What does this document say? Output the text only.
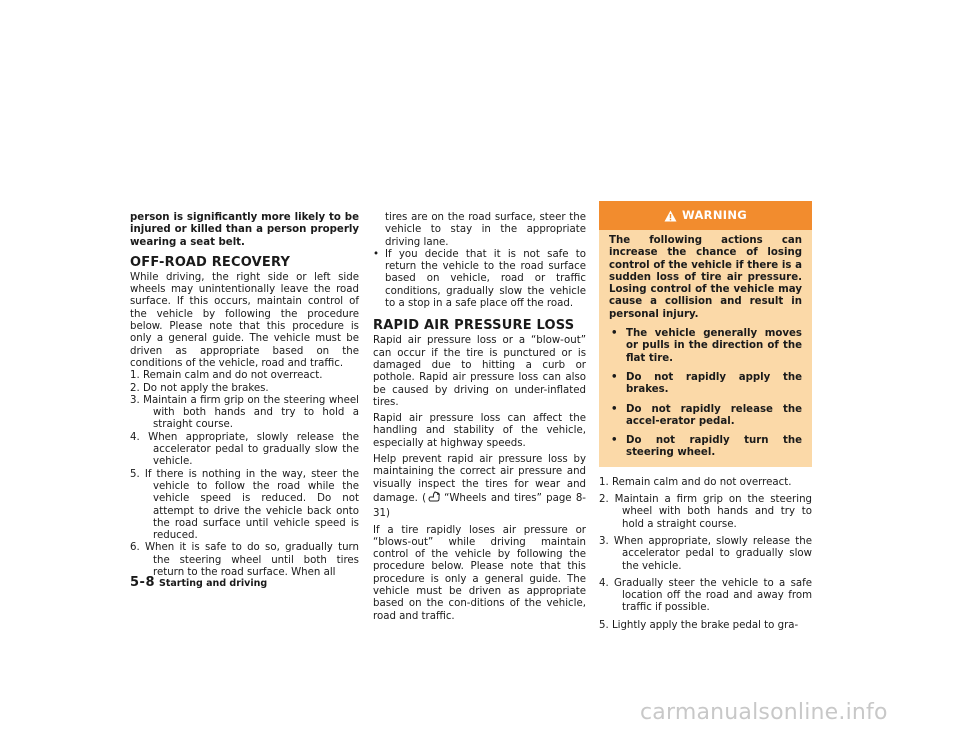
person is significantly more likely to be injured or killed than a person properly wearing a seat belt.

OFF-ROAD RECOVERY

While driving, the right side or left side wheels may unintentionally leave the road surface. If this occurs, maintain control of the vehicle by following the procedure below. Please note that this procedure is only a general guide. The vehicle must be driven as appropriate based on the conditions of the vehicle, road and traffic.

1. Remain calm and do not overreact.

2. Do not apply the brakes.

3. Maintain a firm grip on the steering wheel with both hands and try to hold a straight course.

4. When appropriate, slowly release the accelerator pedal to gradually slow the vehicle.

5. If there is nothing in the way, steer the vehicle to follow the road while the vehicle speed is reduced. Do not attempt to drive the vehicle back onto the road surface until vehicle speed is reduced.

6. When it is safe to do so, gradually turn the steering wheel until both tires return to the road surface. When all

tires are on the road surface, steer the vehicle to stay in the appropriate driving lane.

• If you decide that it is not safe to return the vehicle to the road surface based on vehicle, road or traffic conditions, gradually slow the vehicle to a stop in a safe place off the road.

RAPID AIR PRESSURE LOSS

Rapid air pressure loss or a “blow-out” can occur if the tire is punctured or is damaged due to hitting a curb or pothole. Rapid air pressure loss can also be caused by driving on under-inflated tires.

Rapid air pressure loss can affect the handling and stability of the vehicle, especially at highway speeds.

Help prevent rapid air pressure loss by maintaining the correct air pressure and visually inspect the tires for wear and damage. ( “Wheels and tires” page 8-31)

If a tire rapidly loses air pressure or “blows-out” while driving maintain control of the vehicle by following the procedure below. Please note that this procedure is only a general guide. The vehicle must be driven as appropriate based on the con-ditions of the vehicle, road and traffic.

WARNING

The following actions can increase the chance of losing control of the vehicle if there is a sudden loss of tire air pressure. Losing control of the vehicle may cause a collision and result in personal injury.

• The vehicle generally moves or pulls in the direction of the flat tire.

• Do not rapidly apply the brakes.

• Do not rapidly release the accel-erator pedal.

• Do not rapidly turn the steering wheel.

1. Remain calm and do not overreact.

2. Maintain a firm grip on the steering wheel with both hands and try to hold a straight course.

3. When appropriate, slowly release the accelerator pedal to gradually slow the vehicle.

4. Gradually steer the vehicle to a safe location off the road and away from traffic if possible.

5. Lightly apply the brake pedal to gra-

5-8 Starting and driving
carmanualsonline.info
